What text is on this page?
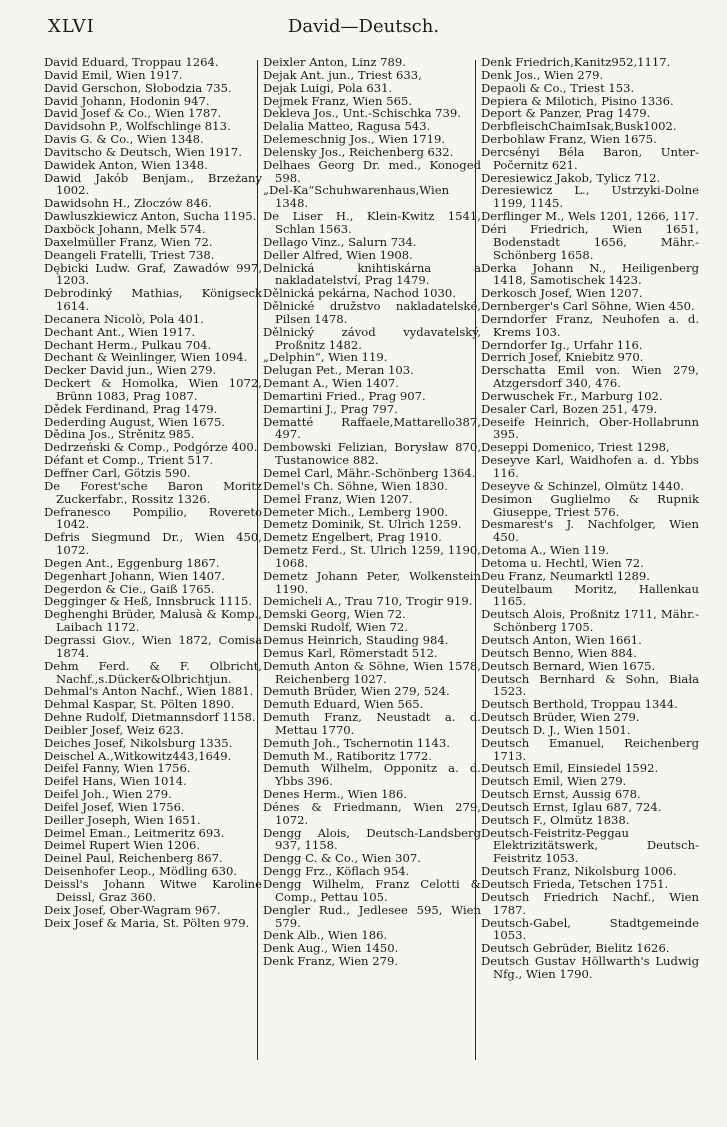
XLVI	David—Deutsch.
David Eduard, Troppau 1264.
David Emil, Wien 1917.
David Gerschon, Słobodzia 735.
David Johann, Hodonin 947.
David Josef & Co., Wien 1787.
Davidsohn P., Wolfschlinge 813.
Davis G. & Co., Wien 1348.
Davitscho & Deutsch, Wien 1917.
Dawidek Anton, Wien 1348.
Dawid Jakób Benjam., Brzeżany 1002.
Dawidsohn H., Złoczów 846.
Dawluszkiewicz Anton, Sucha 1195.
Daxböck Johann, Melk 574.
Daxelmüller Franz, Wien 72.
Deangeli Fratelli, Triest 738.
Dębicki Ludw. Graf, Zawadów 997, 1203.
Debrodinký Mathias, Königseck 1614.
Decanera Nicolò, Pola 401.
Dechant Ant., Wien 1917.
Dechant Herm., Pulkau 704.
Dechant & Weinlinger, Wien 1094.
Decker David jun., Wien 279.
Deckert & Homolka, Wien 1072, Brünn 1083, Prag 1087.
Dědek Ferdinand, Prag 1479.
Dederding August, Wien 1675.
Dědina Jos., Strěnitz 985.
Dedrzeński & Comp., Podgórze 400.
Défant et Comp., Trient 517.
Deffner Carl, Götzis 590.
De Forest'sche Baron Moritz Zuckerfabr., Rossitz 1326.
Defranesco Pompilio, Rovereto 1042.
Defris Siegmund Dr., Wien 450, 1072.
Degen Ant., Eggenburg 1867.
Degenhart Johann, Wien 1407.
Degerdon & Cie., Gaiß 1765.
Degginger & Heß, Innsbruck 1115.
Deghenghi Brüder, Malusà & Komp., Laibach 1172.
Degrassi Giov., Wien 1872, Comisa 1874.
Dehm Ferd. & F. Olbricht, Nachf.,s.Dücker&Olbrichtjun.
Dehmal's Anton Nachf., Wien 1881.
Dehmal Kaspar, St. Pölten 1890.
Dehne Rudolf, Dietmannsdorf 1158.
Deibler Josef, Weiz 623.
Deiches Josef, Nikolsburg 1335.
Deischel A.,Witkowitz443,1649.
Deifel Fanny, Wien 1756.
Deifel Hans, Wien 1014.
Deifel Joh., Wien 279.
Deifel Josef, Wien 1756.
Deiller Joseph, Wien 1651.
Deimel Eman., Leitmeritz 693.
Deimel Rupert Wien 1206.
Deinel Paul, Reichenberg 867.
Deisenhofer Leop., Mödling 630.
Deissl's Johann Witwe Karoline Deissl, Graz 360.
Deix Josef, Ober-Wagram 967.
Deix Josef & Maria, St. Pölten 979.
Deixler Anton, Linz 789.
Dejak Ant. jun., Triest 633,
Dejak Luigi, Pola 631.
Dejmek Franz, Wien 565.
Dekleva Jos., Unt.-Schischka 739.
Delalia Matteo, Ragusa 543.
Delemeschnig Jos., Wien 1719.
Delensky Jos., Reichenberg 632.
Delhaes Georg Dr. med., Konoged 598.
„Del-Ka“Schuhwarenhaus,Wien 1348.
De Liser H., Klein-Kwitz 1541, Schlan 1563.
Dellago Vinz., Salurn 734.
Deller Alfred, Wien 1908.
Delnická knihtiskárna a nakladatelství, Prag 1479.
Dělnická pekárna, Nachod 1030.
Dělnické družstvo nakladatelské, Pilsen 1478.
Dělnický závod vydavatelský, Proßnitz 1482.
„Delphin“, Wien 119.
Delugan Pet., Meran 103.
Demant A., Wien 1407.
Demartini Fried., Prag 907.
Demartini J., Prag 797.
Dematté Raffaele,Mattarello387, 497.
Dembowski Felizian, Borysław 870, Tustanowice 882.
Demel Carl, Mähr.-Schönberg 1364.
Demel's Ch. Söhne, Wien 1830.
Demel Franz, Wien 1207.
Demeter Mich., Lemberg 1900.
Demetz Dominik, St. Ulrich 1259.
Demetz Engelbert, Prag 1910.
Demetz Ferd., St. Ulrich 1259, 1190, 1068.
Demetz Johann Peter, Wolkenstein 1190.
Demicheli A., Trau 710, Trogir 919.
Demski Georg, Wien 72.
Demski Rudolf, Wien 72.
Demus Heinrich, Stauding 984.
Demus Karl, Römerstadt 512.
Demuth Anton & Söhne, Wien 1578, Reichenberg 1027.
Demuth Brüder, Wien 279, 524.
Demuth Eduard, Wien 565.
Demuth Franz, Neustadt a. d. Mettau 1770.
Demuth Joh., Tschernotin 1143.
Demuth M., Ratiboritz 1772.
Demuth Wilhelm, Opponitz a. d. Ybbs 396.
Denes Herm., Wien 186.
Dénes & Friedmann, Wien 279, 1072.
Dengg Alois, Deutsch-Landsberg 937, 1158.
Dengg C. & Co., Wien 307.
Dengg Frz., Köflach 954.
Dengg Wilhelm, Franz Celotti & Comp., Pettau 105.
Dengler Rud., Jedlesee 595, Wien 579.
Denk Alb., Wien 186.
Denk Aug., Wien 1450.
Denk Franz, Wien 279.
Denk Friedrich,Kanitz952,1117.
Denk Jos., Wien 279.
Depaoli & Co., Triest 153.
Depiera & Milotich, Pisino 1336.
Deport & Panzer, Prag 1479.
DerbfleischChaimIsak,Busk1002.
Derbohlaw Franz, Wien 1675.
Dercsényi Béla Baron, Unter-Počernitz 621.
Deresiewicz Jakob, Tylicz 712.
Deresiewicz L., Ustrzyki-Dolne 1199, 1145.
Derflinger M., Wels 1201, 1266, 117.
Déri Friedrich, Wien 1651, Bodenstadt 1656, Mähr.-Schönberg 1658.
Derka Johann N., Heiligenberg 1418, Samotischek 1423.
Derkosch Josef, Wien 1207.
Dernberger's Carl Söhne, Wien 450.
Derndorfer Franz, Neuhofen a. d. Krems 103.
Derndorfer Ig., Urfahr 116.
Derrich Josef, Kniebitz 970.
Derschatta Emil von. Wien 279, Atzgersdorf 340, 476.
Derwuschek Fr., Marburg 102.
Desaler Carl, Bozen 251, 479.
Deseife Heinrich, Ober-Hollabrunn 395.
Deseppi Domenico, Triest 1298,
Deseyve Karl, Waidhofen a. d. Ybbs 116.
Deseyve & Schinzel, Olmütz 1440.
Desimon Guglielmo & Rupnik Giuseppe, Triest 576.
Desmarest's J. Nachfolger, Wien 450.
Detoma A., Wien 119.
Detoma u. Hechtl, Wien 72.
Deu Franz, Neumarktl 1289.
Deutelbaum Moritz, Hallenkau 1165.
Deutsch Alois, Proßnitz 1711, Mähr.-Schönberg 1705.
Deutsch Anton, Wien 1661.
Deutsch Benno, Wien 884.
Deutsch Bernard, Wien 1675.
Deutsch Bernhard & Sohn, Biała 1523.
Deutsch Berthold, Troppau 1344.
Deutsch Brüder, Wien 279.
Deutsch D. J., Wien 1501.
Deutsch Emanuel, Reichenberg 1713.
Deutsch Emil, Einsiedel 1592.
Deutsch Emil, Wien 279.
Deutsch Ernst, Aussig 678.
Deutsch Ernst, Iglau 687, 724.
Deutsch F., Olmütz 1838.
Deutsch-Feistritz-Peggau Elektrizitätswerk, Deutsch-Feistritz 1053.
Deutsch Franz, Nikolsburg 1006.
Deutsch Frieda, Tetschen 1751.
Deutsch Friedrich Nachf., Wien 1787.
Deutsch-Gabel, Stadtgemeinde 1053.
Deutsch Gebrüder, Bielitz 1626.
Deutsch Gustav Höllwarth's Ludwig Nfg., Wien 1790.
